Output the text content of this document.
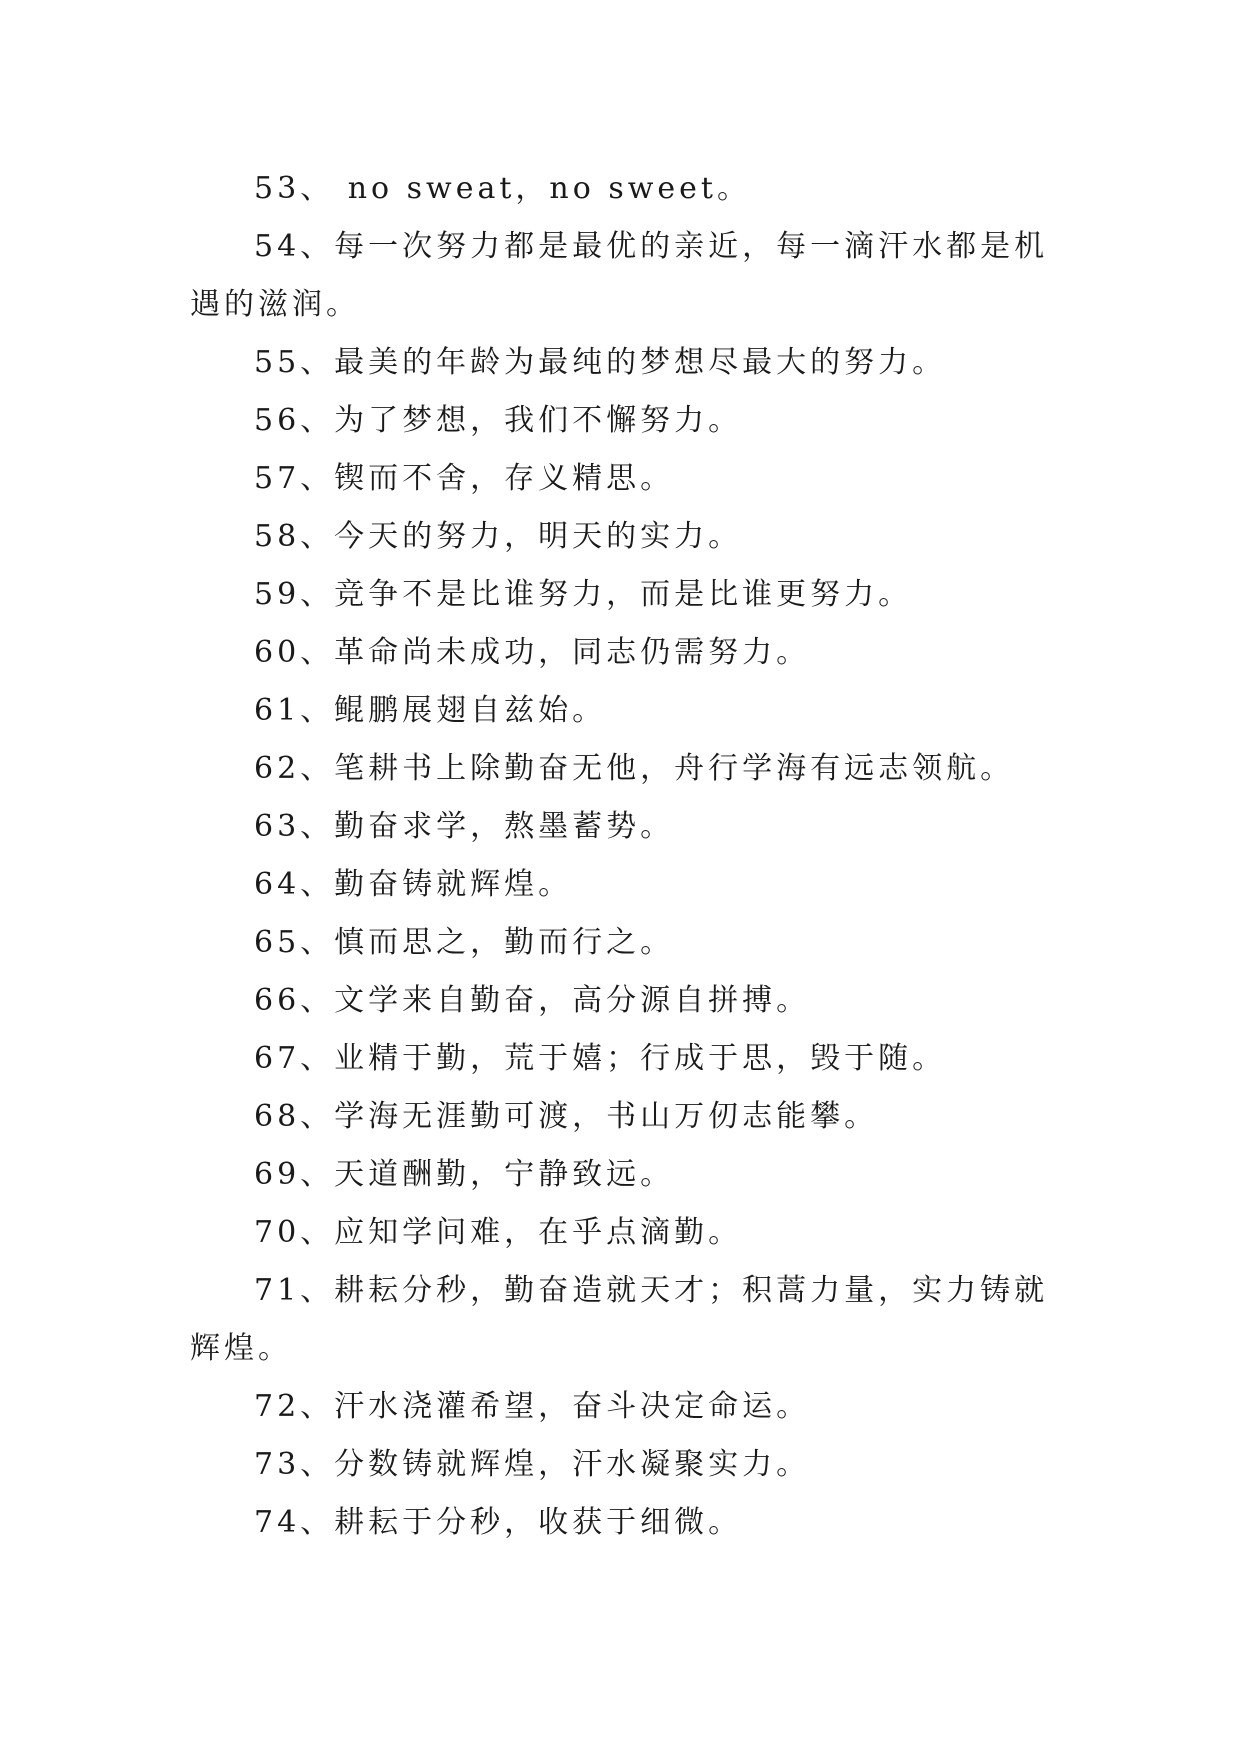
53、 no sweat，no sweet。

54、每一次努力都是最优的亲近，每一滴汗水都是机遇的滋润。

55、最美的年龄为最纯的梦想尽最大的努力。

56、为了梦想，我们不懈努力。

57、锲而不舍，存义精思。

58、今天的努力，明天的实力。

59、竞争不是比谁努力，而是比谁更努力。

60、革命尚未成功，同志仍需努力。

61、鲲鹏展翅自兹始。

62、笔耕书上除勤奋无他，舟行学海有远志领航。

63、勤奋求学，熬墨蓄势。

64、勤奋铸就辉煌。

65、慎而思之，勤而行之。

66、文学来自勤奋，高分源自拼搏。

67、业精于勤，荒于嬉；行成于思，毁于随。

68、学海无涯勤可渡，书山万仞志能攀。

69、天道酬勤，宁静致远。

70、应知学问难，在乎点滴勤。

71、耕耘分秒，勤奋造就天才；积蒿力量，实力铸就辉煌。

72、汗水浇灌希望，奋斗决定命运。

73、分数铸就辉煌，汗水凝聚实力。

74、耕耘于分秒，收获于细微。
